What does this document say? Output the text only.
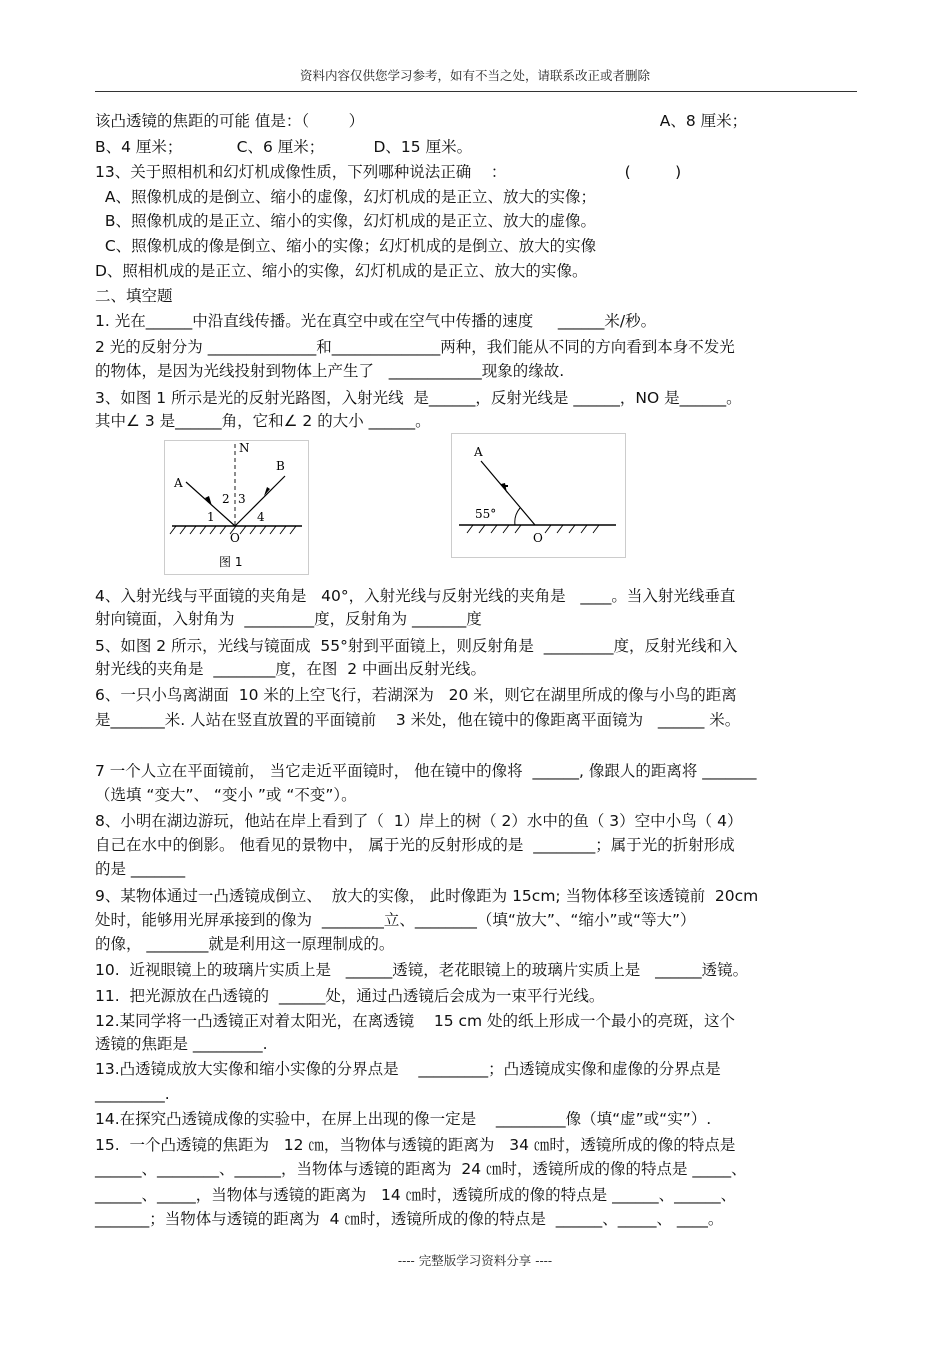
资料内容仅供您学习参考，如有不当之处，请联系改正或者删除
该凸透镜的焦距的可能 值是：（        ）                                                            A、8 厘米；
B、4 厘米；           C、6 厘米；          D、15 厘米。
13、关于照相机和幻灯机成像性质，下列哪种说法正确    ：                        (         )
A、照像机成的是倒立、缩小的虚像，幻灯机成的是正立、放大的实像；
B、照像机成的是正立、缩小的实像，幻灯机成的是正立、放大的虚像。
C、照像机成的像是倒立、缩小的实像；幻灯机成的是倒立、放大的实像
D、照相机成的是正立、缩小的实像，幻灯机成的是正立、放大的实像。
二、填空题
1. 光在______中沿直线传播。光在真空中或在空气中传播的速度     ______米/秒。
2 光的反射分为 ______________和______________两种，我们能从不同的方向看到本身不发光
的物体，是因为光线投射到物体上产生了   ____________现象的缘故.
3、如图 1 所示是光的反射光路图，入射光线  是______，反射光线是 ______，NO 是______。
其中∠ 3 是______角，它和∠ 2 的大小 ______。
4、入射光线与平面镜的夹角是   40°，入射光线与反射光线的夹角是   ____。当入射光线垂直
射向镜面，入射角为  _________度，反射角为 _______度
5、如图 2 所示，光线与镜面成  55°射到平面镜上，则反射角是  _________度，反射光线和入
射光线的夹角是  ________度，在图  2 中画出反射光线。
6、一只小鸟离湖面  10 米的上空飞行，若湖深为   20 米，则它在湖里所成的像与小鸟的距离
是_______米. 人站在竖直放置的平面镜前    3 米处，他在镜中的像距离平面镜为   ______ 米。
7 一个人立在平面镜前， 当它走近平面镜时， 他在镜中的像将  ______, 像跟人的距离将 _______
（选填 “变大”、 “变小 ”或 “不变”）。
8、小明在湖边游玩，他站在岸上看到了（  1）岸上的树（ 2）水中的鱼（ 3）空中小鸟（ 4）
自己在水中的倒影。 他看见的景物中， 属于光的反射形成的是  ________；属于光的折射形成
的是 _______
9、某物体通过一凸透镜成倒立、  放大的实像， 此时像距为 15cm; 当物体移至该透镜前  20cm
处时，能够用光屏承接到的像为  ________立、________（填“放大”、“缩小”或“等大”）
的像， ________就是利用这一原理制成的。
10.  近视眼镜上的玻璃片实质上是   ______透镜，老花眼镜上的玻璃片实质上是   ______透镜。
11.  把光源放在凸透镜的  ______处，通过凸透镜后会成为一束平行光线。
12.某同学将一凸透镜正对着太阳光，在离透镜    15 cm 处的纸上形成一个最小的亮斑，这个
透镜的焦距是 _________.
13.凸透镜成放大实像和缩小实像的分界点是    _________；凸透镜成实像和虚像的分界点是
_________.
14.在探究凸透镜成像的实验中，在屏上出现的像一定是    _________像（填“虚”或“实”）.
15.  一个凸透镜的焦距为   12 ㎝，当物体与透镜的距离为   34 ㎝时，透镜所成的像的特点是
______、________、______，当物体与透镜的距离为  24 ㎝时，透镜所成的像的特点是 _____、
______、_____，当物体与透镜的距离为   14 ㎝时，透镜所成的像的特点是 ______、______、
_______；当物体与透镜的距离为  4 ㎝时，透镜所成的像的特点是  ______、_____、 ____。
N
A
B
2 3
1	4
O
图 1
A
55°
O
---- 完整版学习资料分享 ----
